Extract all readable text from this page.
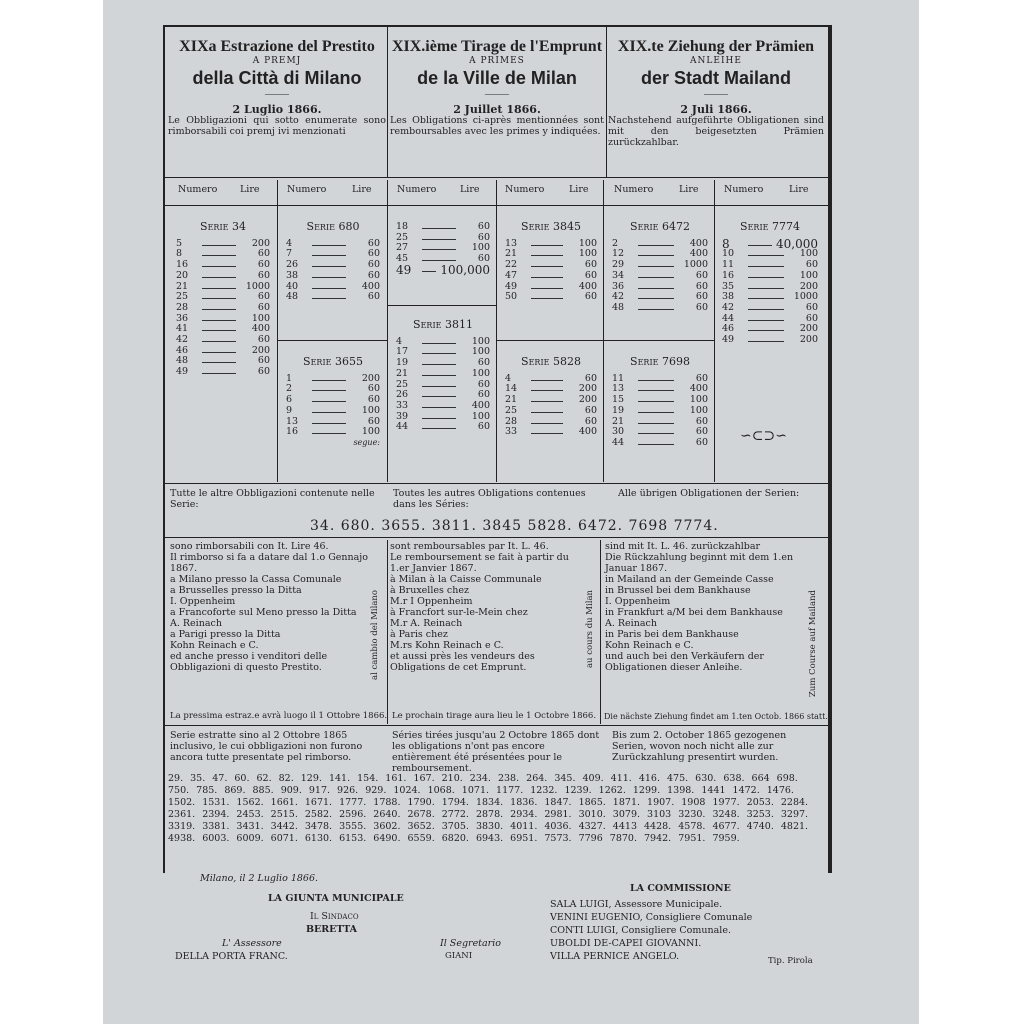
XIXa Estrazione del Prestito
A PREMJ
della Città di Milano
⸻
2 Luglio 1866.
Le Obbligazioni qui sotto enumerate sono rimborsabili coi premj ivi menzionati
XIX.ième Tirage de l'Emprunt
A PRIMES
de la Ville de Milan
⸻
2 Juillet 1866.
Les Obligations ci-après mentionnées sont remboursables avec les primes y indiquées.
XIX.te Ziehung der Prämien
ANLEIHE
der Stadt Mailand
⸻
2 Juli 1866.
Nachstehend aufgeführte Obligationen sind mit den beigesetzten Prämien zurückzahlbar.
Numero Lire	Numero	Lire	Numero Lire	Numero	Lire	Numero	Lire	Numero	Lire
Serie 34
5	200
8	60
16	60
20	60
21	1000
25	60
28	60
36	100
41	400
42	60
46	200
48	60
49	60
Serie 680
4	60
7	60
26	60
38	60
40	400
48	60
Serie 3655
1	200
2	60
6	60
9	100
13	60
16	100
segue:
18	60
25	60
27	100
45	60
49	100,000
Serie 3811
4	100
17	100
19	60
21	100
25	60
26	60
33	400
39	100
44	60
Serie 3845
13	100
21	100
22	60
47	60
49	400
50	60
Serie 5828
4	60
14	200
21	200
25	60
28	60
33	400
Serie 6472
2	400
12	400
29	1000
34	60
36	60
42	60
48	60
Serie 7698
11	60
13	400
15	100
19	100
21	60
30	60
44	60
Serie 7774
8	40,000
10	100
11	60
16	100
35	200
38	1000
42	60
44	60
46	200
49	200
∽⊂⊃∽
Tutte le altre Obbligazioni contenute nelle Serie:
Toutes les autres Obligations contenues dans les Séries:
Alle übrigen Obligationen der Serien:
34. 680. 3655. 3811. 3845 5828. 6472. 7698 7774.
sono rimborsabili con It. Lire 46.
Il rimborso si fa a datare dal 1.o Gennajo 1867.
a Milano presso la Cassa Comunale
a Brusselles presso la Ditta
I. Oppenheim
a Francoforte sul Meno presso la Ditta
A. Reinach
a Parigi presso la Ditta
Kohn Reinach e C.
ed anche presso i venditori delle Obbligazioni di questo Prestito.
sont remboursables par It. L. 46.
Le remboursement se fait à partir du 1.er Janvier 1867.
à Milan à la Caisse Communale
à Bruxelles chez
M.r I Oppenheim
à Francfort sur-le-Mein chez
M.r A. Reinach
à Paris chez
M.rs Kohn Reinach e C.
et aussi près les vendeurs des Obligations de cet Emprunt.
sind mit It. L. 46. zurückzahlbar
Die Rückzahlung beginnt mit dem 1.en Januar 1867.
in Mailand an der Gemeinde Casse
in Brussel bei dem Bankhause
I. Oppenheim
in Frankfurt a/M bei dem Bankhause
A. Reinach
in Paris bei dem Bankhause
Kohn Reinach e C.
und auch bei den Verkäufern der Obligationen dieser Anleihe.
al cambio del Milano	au cours du Milan	Zum Course auf Mailand
La pressima estraz.e avrà luogo il 1 Ottobre 1866. Le prochain tirage aura lieu le 1 Octobre 1866. Die nächste Ziehung findet am 1.ten Octob. 1866 statt.
Serie estratte sino al 2 Ottobre 1865 inclusivo, le cui obbligazioni non furono ancora tutte presentate pel rimborso.
Séries tirées jusqu'au 2 Octobre 1865 dont les obligations n'ont pas encore entièrement été présentées pour le remboursement.
Bis zum 2. October 1865 gezogenen Serien, wovon noch nicht alle zur Zurückzahlung presentirt wurden.
29. 35. 47. 60. 62. 82. 129. 141. 154. 161. 167. 210. 234. 238. 264. 345. 409. 411. 416. 475. 630. 638. 664 698. 750. 785. 869. 885. 909. 917. 926. 929. 1024. 1068. 1071. 1177. 1232. 1239. 1262. 1299. 1398. 1441 1472. 1476. 1502. 1531. 1562. 1661. 1671. 1777. 1788. 1790. 1794. 1834. 1836. 1847. 1865. 1871. 1907. 1908 1977. 2053. 2284. 2361. 2394. 2453. 2515. 2582. 2596. 2640. 2678. 2772. 2878. 2934. 2981. 3010. 3079. 3103 3230. 3248. 3253. 3297. 3319. 3381. 3431. 3442. 3478. 3555. 3602. 3652. 3705. 3830. 4011. 4036. 4327. 4413 4428. 4578. 4677. 4740. 4821. 4938. 6003. 6009. 6071. 6130. 6153. 6490. 6559. 6820. 6943. 6951. 7573. 7796 7870. 7942. 7951. 7959.
Milano, il 2 Luglio 1866.
LA GIUNTA MUNICIPALE
Il Sindaco
BERETTA
L' Assessore
DELLA PORTA FRANC.
Il Segretario
GIANI
LA COMMISSIONE
SALA LUIGI, Assessore Municipale.
VENINI EUGENIO, Consigliere Comunale
CONTI LUIGI, Consigliere Comunale.
UBOLDI DE-CAPEI GIOVANNI.
VILLA PERNICE ANGELO.	Tip. Pirola
